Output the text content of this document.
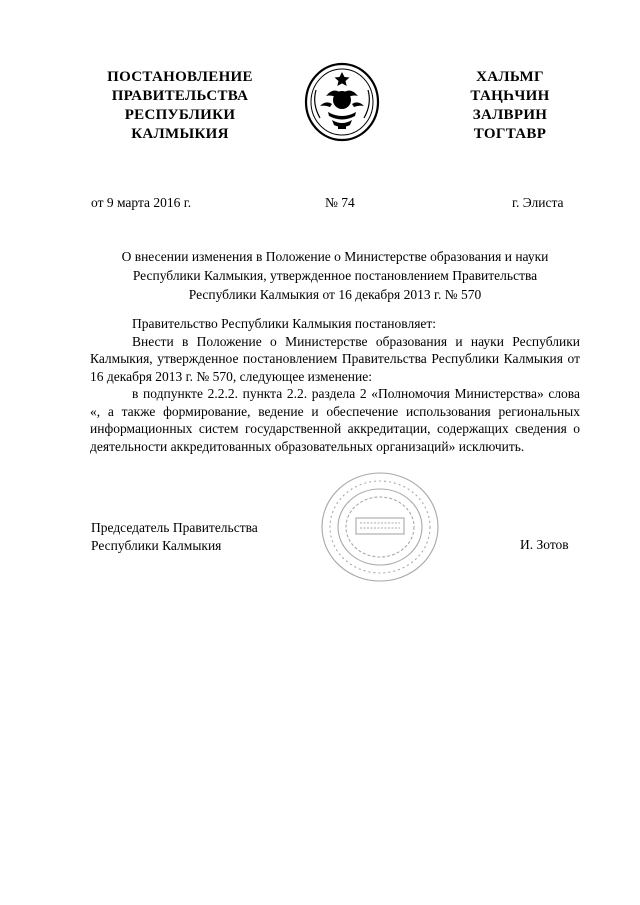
ПОСТАНОВЛЕНИЕ
ПРАВИТЕЛЬСТВА
РЕСПУБЛИКИ
КАЛМЫКИЯ
ХАЛЬМГ
ТАҢҺЧИН
ЗАЛВРИН
ТОГТАВР
от 9 марта 2016 г.	№ 74	г. Элиста
О внесении изменения в Положение о Министерстве образования и науки
Республики Калмыкия, утвержденное постановлением Правительства
Республики Калмыкия от 16 декабря 2013 г. № 570

Правительство Республики Калмыкия постановляет:

Внести в Положение о Министерстве образования и науки Республики Калмыкия, утвержденное постановлением Правительства Республики Калмыкия от 16 декабря 2013 г. № 570, следующее изменение:

в подпункте 2.2.2. пункта 2.2. раздела 2 «Полномочия Министерства» слова «, а также формирование, ведение и обеспечение использования региональных информационных систем государственной аккредитации, содержащих сведения о деятельности аккредитованных образовательных организаций» исключить.

Председатель Правительства
Республики Калмыкия	И. Зотов
